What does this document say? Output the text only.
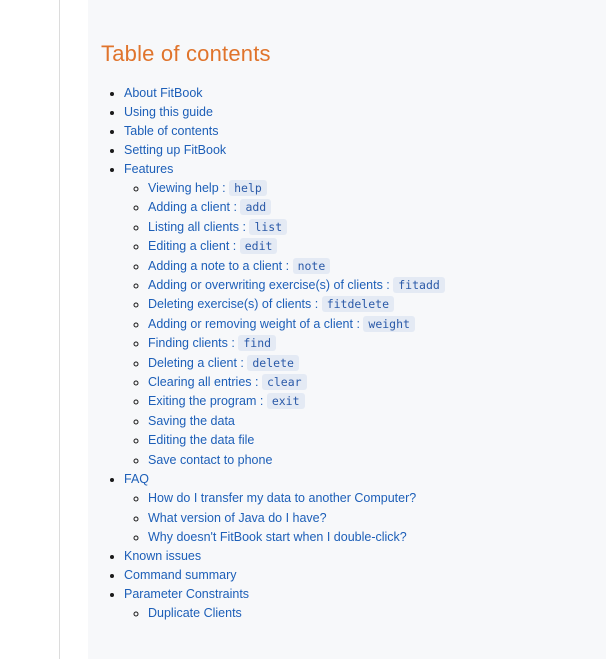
Table of contents
• About FitBook
• Using this guide
• Table of contents
• Setting up FitBook
• Features
◦ Viewing help : help
◦ Adding a client : add
◦ Listing all clients : list
◦ Editing a client : edit
◦ Adding a note to a client : note
◦ Adding or overwriting exercise(s) of clients : fitadd
◦ Deleting exercise(s) of clients : fitdelete
◦ Adding or removing weight of a client : weight
◦ Finding clients : find
◦ Deleting a client : delete
◦ Clearing all entries : clear
◦ Exiting the program : exit
◦ Saving the data
◦ Editing the data file
◦ Save contact to phone
• FAQ
◦ How do I transfer my data to another Computer?
◦ What version of Java do I have?
◦ Why doesn't FitBook start when I double-click?
• Known issues
• Command summary
• Parameter Constraints
◦ Duplicate Clients
